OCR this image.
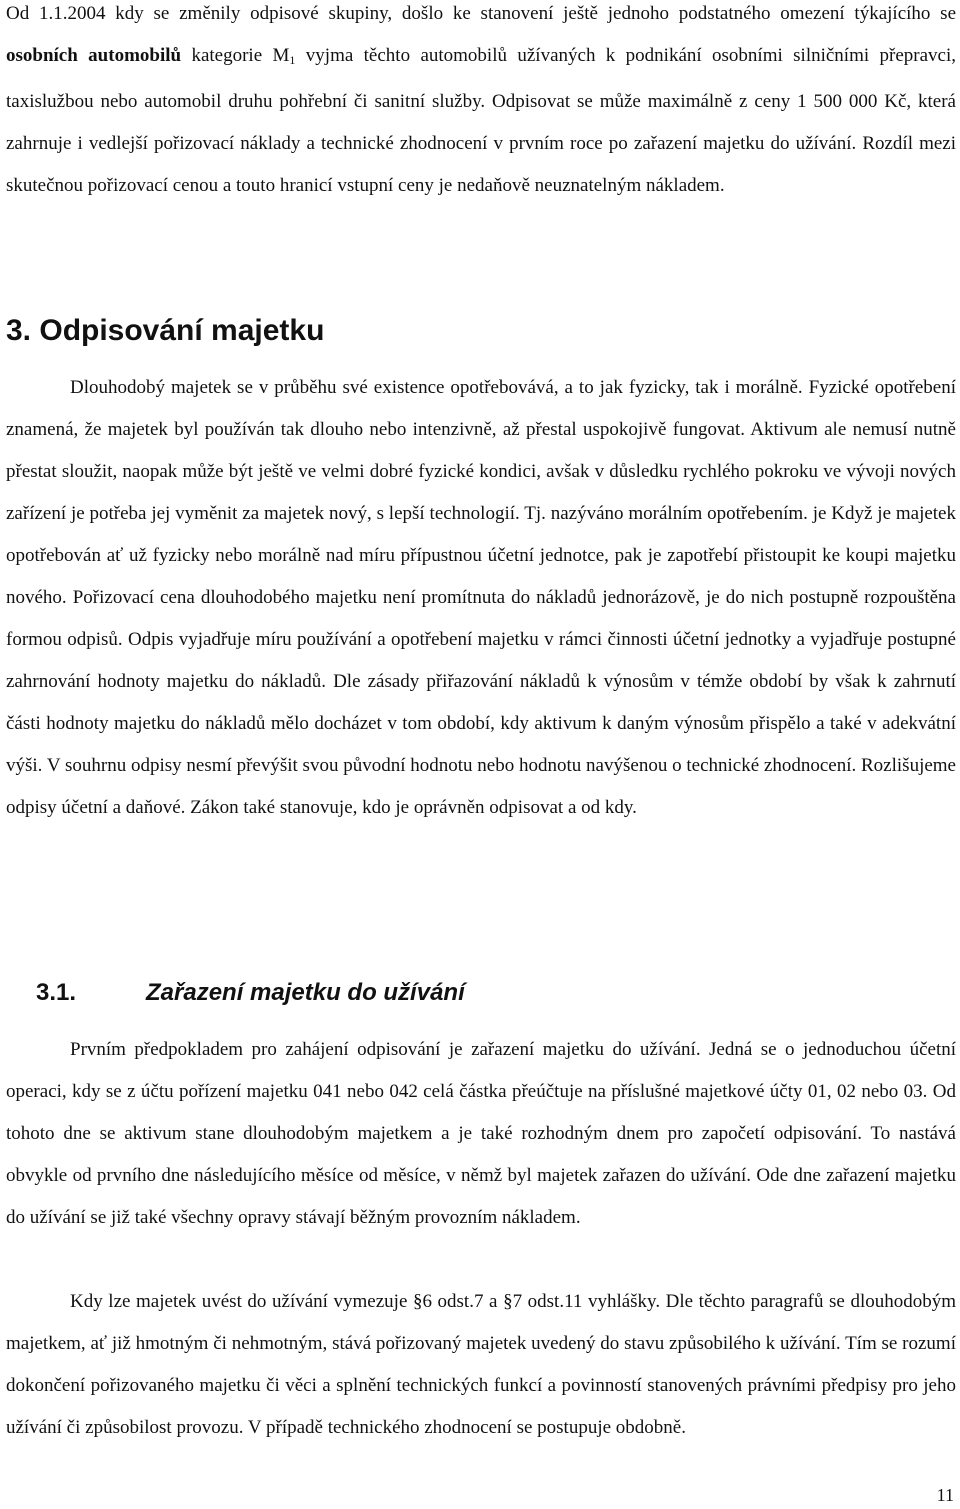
Od 1.1.2004 kdy se změnily odpisové skupiny, došlo ke stanovení ještě jednoho podstatného omezení týkajícího se osobních automobilů kategorie $M_1$ vyjma těchto automobilů užívaných k podnikání osobními silničními přepravci, taxislužbou nebo automobil druhu pohřební či sanitní služby. Odpisovat se může maximálně z ceny 1 500 000 Kč, která zahrnuje i vedlejší pořizovací náklady a technické zhodnocení v prvním roce po zařazení majetku do užívání. Rozdíl mezi skutečnou pořizovací cenou a touto hranicí vstupní ceny je nedaňově neuznatelným nákladem.

3. Odpisování majetku

Dlouhodobý majetek se v průběhu své existence opotřebovává, a to jak fyzicky, tak i morálně. Fyzické opotřebení znamená, že majetek byl používán tak dlouho nebo intenzivně, až přestal uspokojivě fungovat. Aktivum ale nemusí nutně přestat sloužit, naopak může být ještě ve velmi dobré fyzické kondici, avšak v důsledku rychlého pokroku ve vývoji nových zařízení je potřeba jej vyměnit za majetek nový, s lepší technologií. Tj. nazýváno morálním opotřebením. je Když je majetek opotřebován ať už fyzicky nebo morálně nad míru přípustnou účetní jednotce, pak je zapotřebí přistoupit ke koupi majetku nového. Pořizovací cena dlouhodobého majetku není promítnuta do nákladů jednorázově, je do nich postupně rozpouštěna formou odpisů. Odpis vyjadřuje míru používání a opotřebení majetku v rámci činnosti účetní jednotky a vyjadřuje postupné zahrnování hodnoty majetku do nákladů. Dle zásady přiřazování nákladů k výnosům v témže období by však k zahrnutí části hodnoty majetku do nákladů mělo docházet v tom období, kdy aktivum k daným výnosům přispělo a také v adekvátní výši. V souhrnu odpisy nesmí převýšit svou původní hodnotu nebo hodnotu navýšenou o technické zhodnocení. Rozlišujeme odpisy účetní a daňové. Zákon také stanovuje, kdo je oprávněn odpisovat a od kdy.

3.1.	Zařazení majetku do užívání

Prvním předpokladem pro zahájení odpisování je zařazení majetku do užívání. Jedná se o jednoduchou účetní operaci, kdy se z účtu pořízení majetku 041 nebo 042 celá částka přeúčtuje na příslušné majetkové účty 01, 02 nebo 03. Od tohoto dne se aktivum stane dlouhodobým majetkem a je také rozhodným dnem pro započetí odpisování. To nastává obvykle od prvního dne následujícího měsíce od měsíce, v němž byl majetek zařazen do užívání. Ode dne zařazení majetku do užívání se již také všechny opravy stávají běžným provozním nákladem.

Kdy lze majetek uvést do užívání vymezuje §6 odst.7 a §7 odst.11 vyhlášky. Dle těchto paragrafů se dlouhodobým majetkem, ať již hmotným či nehmotným, stává pořizovaný majetek uvedený do stavu způsobilého k užívání. Tím se rozumí dokončení pořizovaného majetku či věci a splnění technických funkcí a povinností stanovených právními předpisy pro jeho užívání či způsobilost provozu. V případě technického zhodnocení se postupuje obdobně.

11
